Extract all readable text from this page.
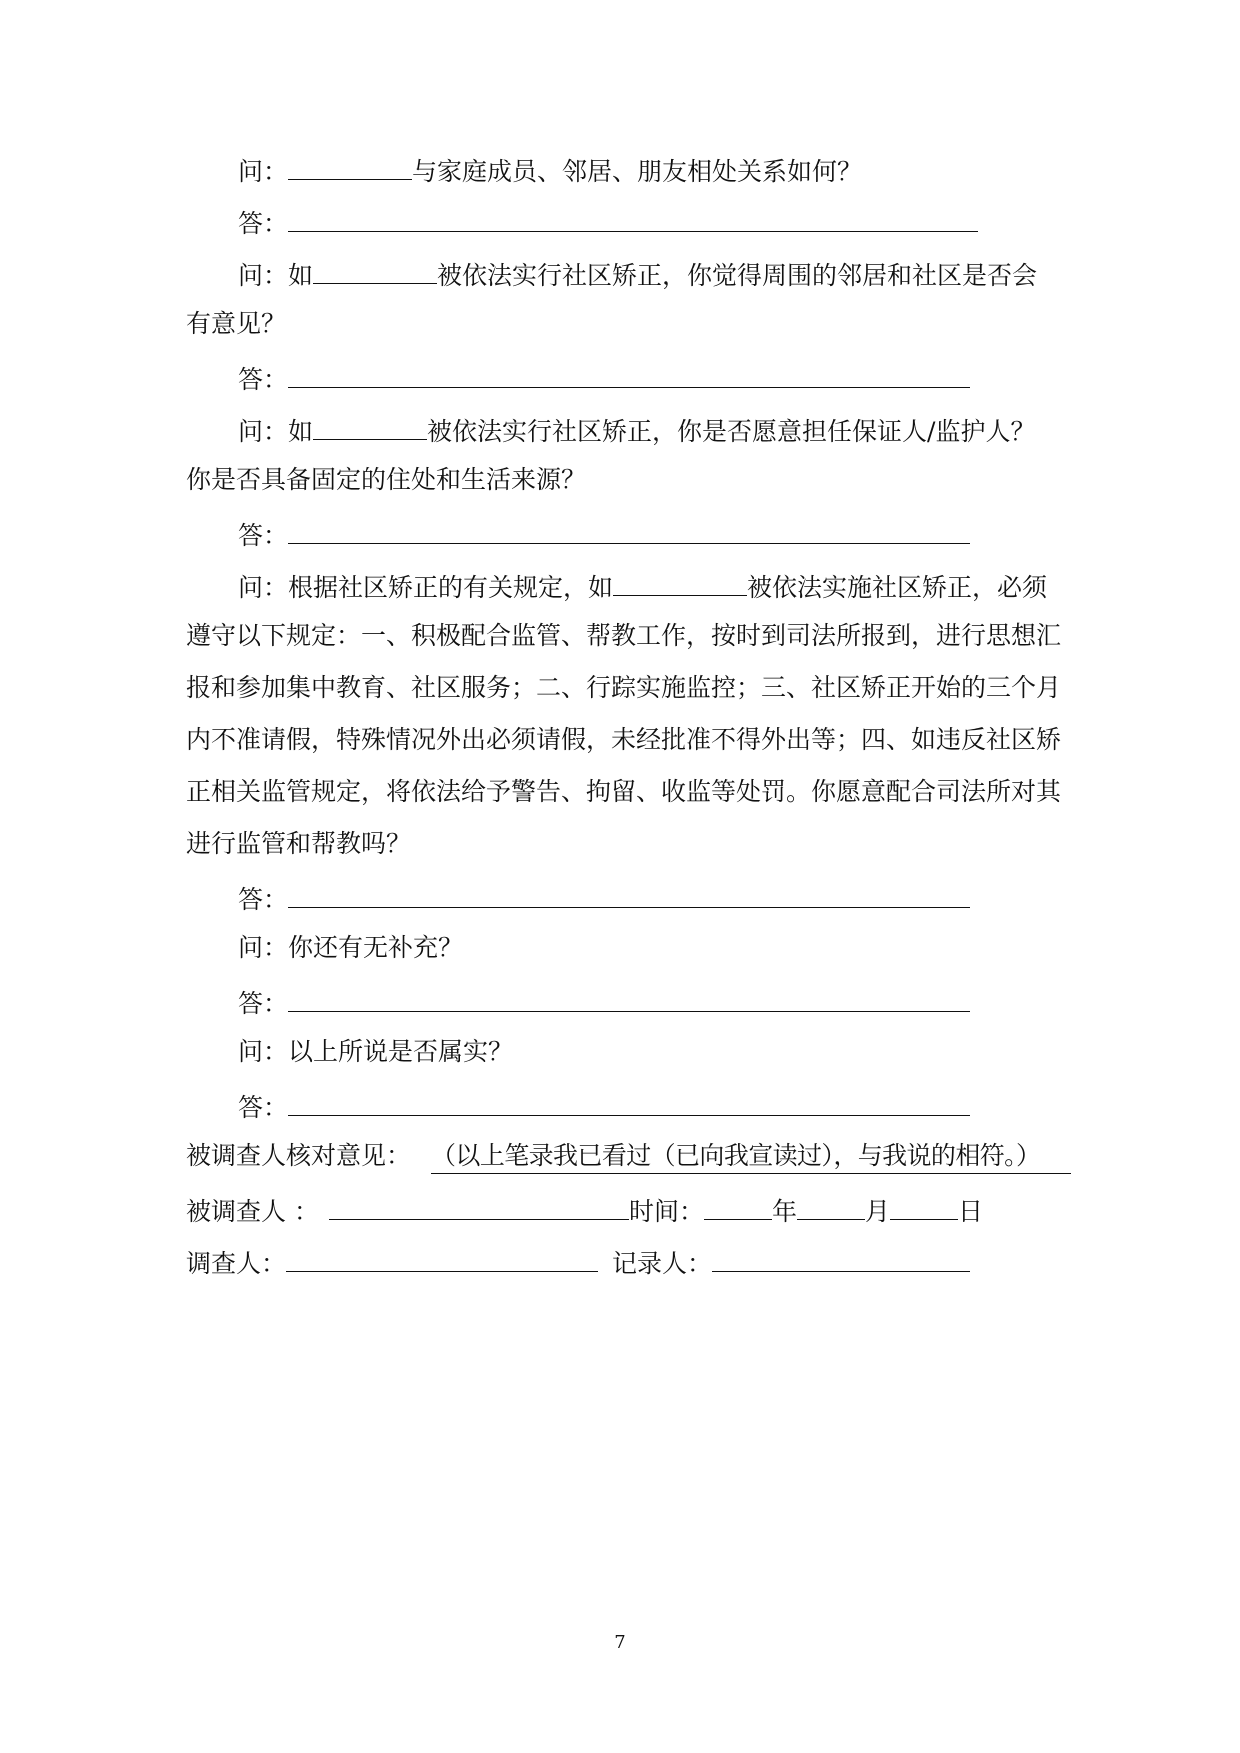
问：	与家庭成员、邻居、朋友相处关系如何？
答：
问：如	被依法实行社区矫正，你觉得周围的邻居和社区是否会
有意见？
答：
问：如	被依法实行社区矫正，你是否愿意担任保证人/监护人？
你是否具备固定的住处和生活来源？
答：
问：根据社区矫正的有关规定，如	被依法实施社区矫正，必须
遵守以下规定：一、积极配合监管、帮教工作，按时到司法所报到，进行思想汇
报和参加集中教育、社区服务；二、行踪实施监控；三、社区矫正开始的三个月
内不准请假，特殊情况外出必须请假，未经批准不得外出等；四、如违反社区矫
正相关监管规定，将依法给予警告、拘留、收监等处罚。你愿意配合司法所对其
进行监管和帮教吗？
答：
问：你还有无补充？
答：
问：以上所说是否属实？
答：
被调查人核对意见： （以上笔录我已看过（已向我宣读过），与我说的相符。）
被调查人 ：	时间：	年	月	日
调查人：	记录人：
7
